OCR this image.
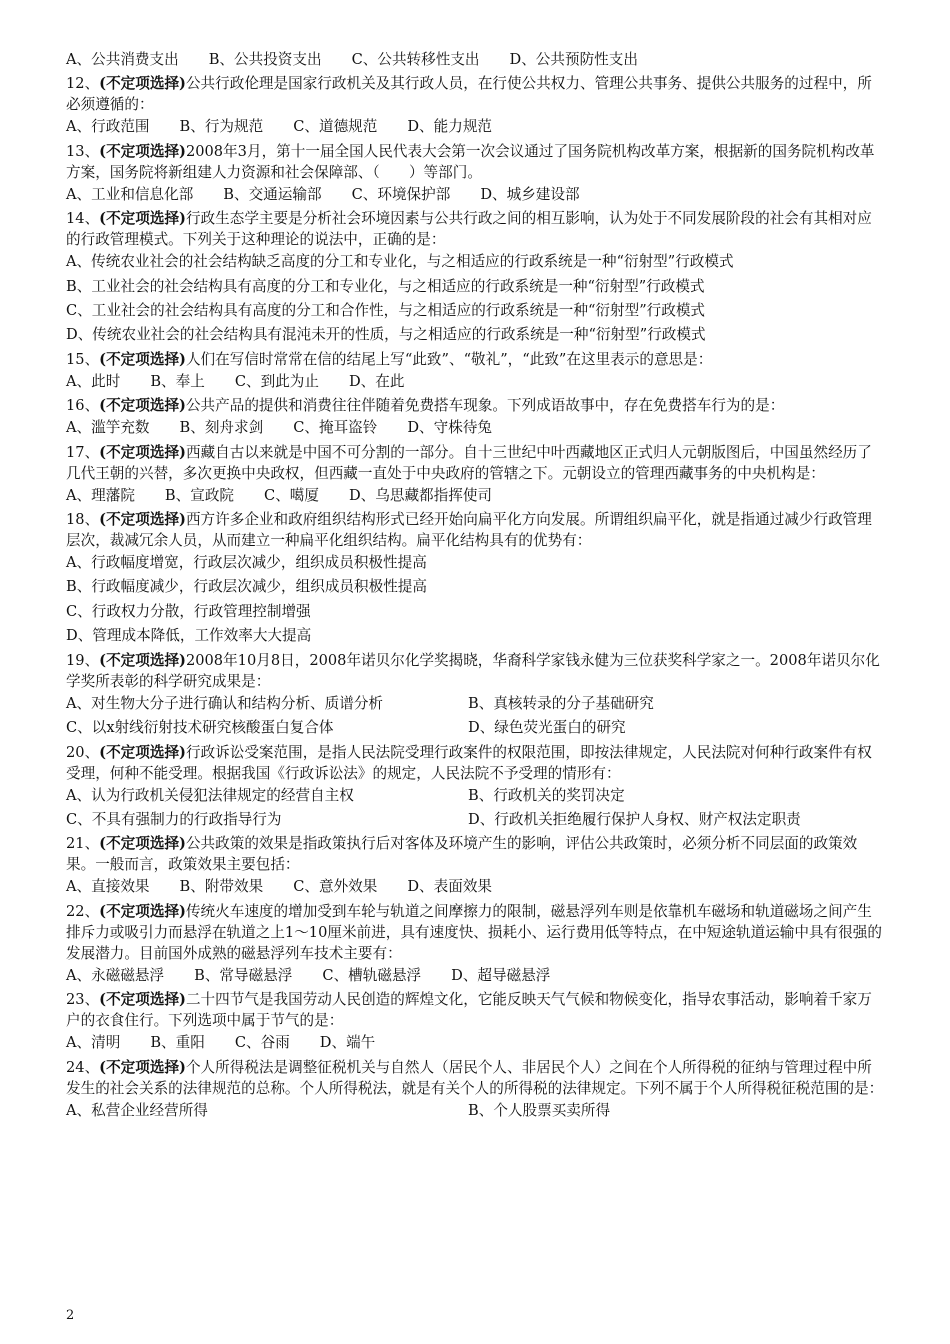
A、公共消费支出 B、公共投资支出 C、公共转移性支出 D、公共预防性支出
12、(不定项选择)公共行政伦理是国家行政机关及其行政人员，在行使公共权力、管理公共事务、提供公共服务的过程中，所必须遵循的：
A、行政范围 B、行为规范 C、道德规范 D、能力规范
13、(不定项选择)2008年3月，第十一届全国人民代表大会第一次会议通过了国务院机构改革方案，根据新的国务院机构改革方案，国务院将新组建人力资源和社会保障部、（　　）等部门。
A、工业和信息化部 B、交通运输部 C、环境保护部 D、城乡建设部
14、(不定项选择)行政生态学主要是分析社会环境因素与公共行政之间的相互影响，认为处于不同发展阶段的社会有其相对应的行政管理模式。下列关于这种理论的说法中，正确的是：
A、传统农业社会的社会结构缺乏高度的分工和专业化，与之相适应的行政系统是一种“衍射型”行政模式
B、工业社会的社会结构具有高度的分工和专业化，与之相适应的行政系统是一种“衍射型”行政模式
C、工业社会的社会结构具有高度的分工和合作性，与之相适应的行政系统是一种“衍射型”行政模式
D、传统农业社会的社会结构具有混沌未开的性质，与之相适应的行政系统是一种“衍射型”行政模式
15、(不定项选择)人们在写信时常常在信的结尾上写“此致”、“敬礼”，“此致”在这里表示的意思是：
A、此时 B、奉上 C、到此为止 D、在此
16、(不定项选择)公共产品的提供和消费往往伴随着免费搭车现象。下列成语故事中，存在免费搭车行为的是：
A、滥竽充数 B、刻舟求剑 C、掩耳盗铃 D、守株待兔
17、(不定项选择)西藏自古以来就是中国不可分割的一部分。自十三世纪中叶西藏地区正式归人元朝版图后，中国虽然经历了几代王朝的兴替，多次更换中央政权，但西藏一直处于中央政府的管辖之下。元朝设立的管理西藏事务的中央机构是：
A、理藩院 B、宣政院 C、噶厦 D、乌思藏都指挥使司
18、(不定项选择)西方许多企业和政府组织结构形式已经开始向扁平化方向发展。所谓组织扁平化，就是指通过减少行政管理层次，裁减冗余人员，从而建立一种扁平化组织结构。扁平化结构具有的优势有：
A、行政幅度增宽，行政层次减少，组织成员积极性提高
B、行政幅度减少，行政层次减少，组织成员积极性提高
C、行政权力分散，行政管理控制增强
D、管理成本降低，工作效率大大提高
19、(不定项选择)2008年10月8日，2008年诺贝尔化学奖揭晓，华裔科学家钱永健为三位获奖科学家之一。2008年诺贝尔化学奖所表彰的科学研究成果是：
A、对生物大分子进行确认和结构分析、质谱分析	B、真核转录的分子基础研究
C、以x射线衍射技术研究核酸蛋白复合体	D、绿色荧光蛋白的研究
20、(不定项选择)行政诉讼受案范围，是指人民法院受理行政案件的权限范围，即按法律规定，人民法院对何种行政案件有权受理，何种不能受理。根据我国《行政诉讼法》的规定，人民法院不予受理的情形有：
A、认为行政机关侵犯法律规定的经营自主权	B、行政机关的奖罚决定
C、不具有强制力的行政指导行为	D、行政机关拒绝履行保护人身权、财产权法定职责
21、(不定项选择)公共政策的效果是指政策执行后对客体及环境产生的影响，评估公共政策时，必须分析不同层面的政策效果。一般而言，政策效果主要包括：
A、直接效果 B、附带效果 C、意外效果 D、表面效果
22、(不定项选择)传统火车速度的增加受到车轮与轨道之间摩擦力的限制，磁悬浮列车则是依靠机车磁场和轨道磁场之间产生排斥力或吸引力而悬浮在轨道之上1～10厘米前进，具有速度快、损耗小、运行费用低等特点，在中短途轨道运输中具有很强的发展潜力。目前国外成熟的磁悬浮列车技术主要有：
A、永磁磁悬浮 B、常导磁悬浮 C、槽轨磁悬浮 D、超导磁悬浮
23、(不定项选择)二十四节气是我国劳动人民创造的辉煌文化，它能反映天气气候和物候变化，指导农事活动，影响着千家万户的衣食住行。下列选项中属于节气的是：
A、清明 B、重阳 C、谷雨 D、端午
24、(不定项选择)个人所得税法是调整征税机关与自然人（居民个人、非居民个人）之间在个人所得税的征纳与管理过程中所发生的社会关系的法律规范的总称。个人所得税法，就是有关个人的所得税的法律规定。下列不属于个人所得税征税范围的是：
A、私营企业经营所得	B、个人股票买卖所得
2
